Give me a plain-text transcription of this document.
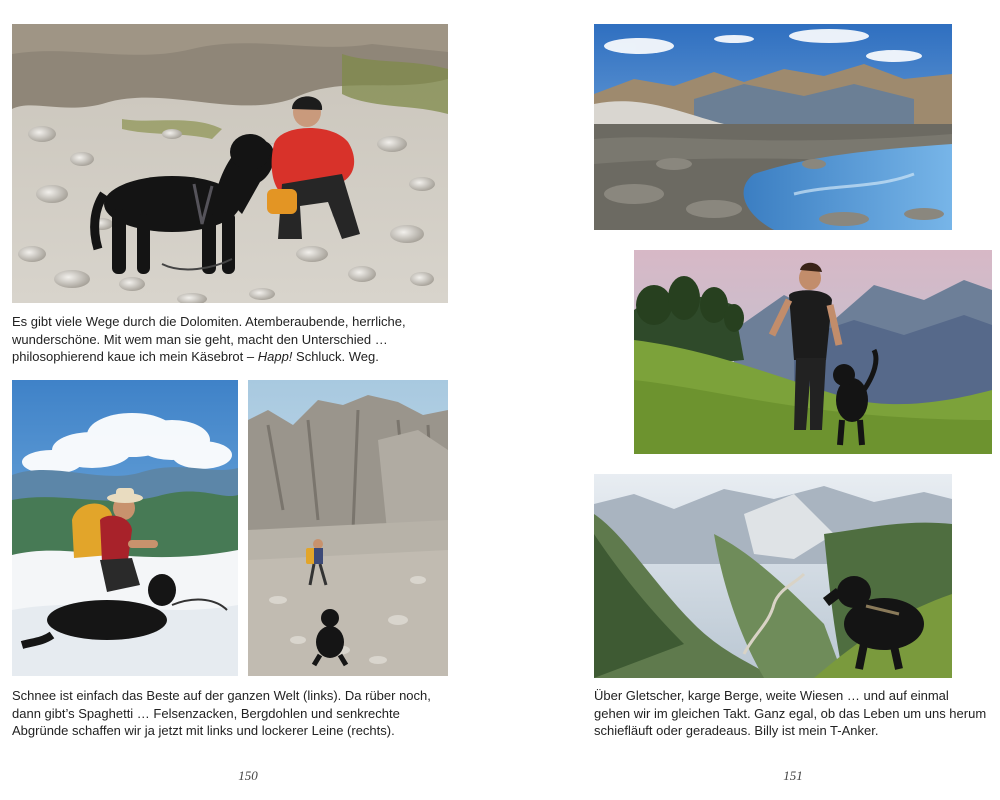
Es gibt viele Wege durch die Dolomiten. Atemberaubende, herrliche,
wunderschöne. Mit wem man sie geht, macht den Unterschied …
philosophierend kaue ich mein Käsebrot – Happ! Schluck. Weg.

Schnee ist einfach das Beste auf der ganzen Welt (links). Da rüber noch,
dann gibt’s Spaghetti … Felsenzacken, Bergdohlen und senkrechte
Abgründe schaffen wir ja jetzt mit links und lockerer Leine (rechts).

150

Über Gletscher, karge Berge, weite Wiesen … und auf einmal
gehen wir im gleichen Takt. Ganz egal, ob das Leben um uns herum
schiefläuft oder geradeaus. Billy ist mein T-Anker.

151
